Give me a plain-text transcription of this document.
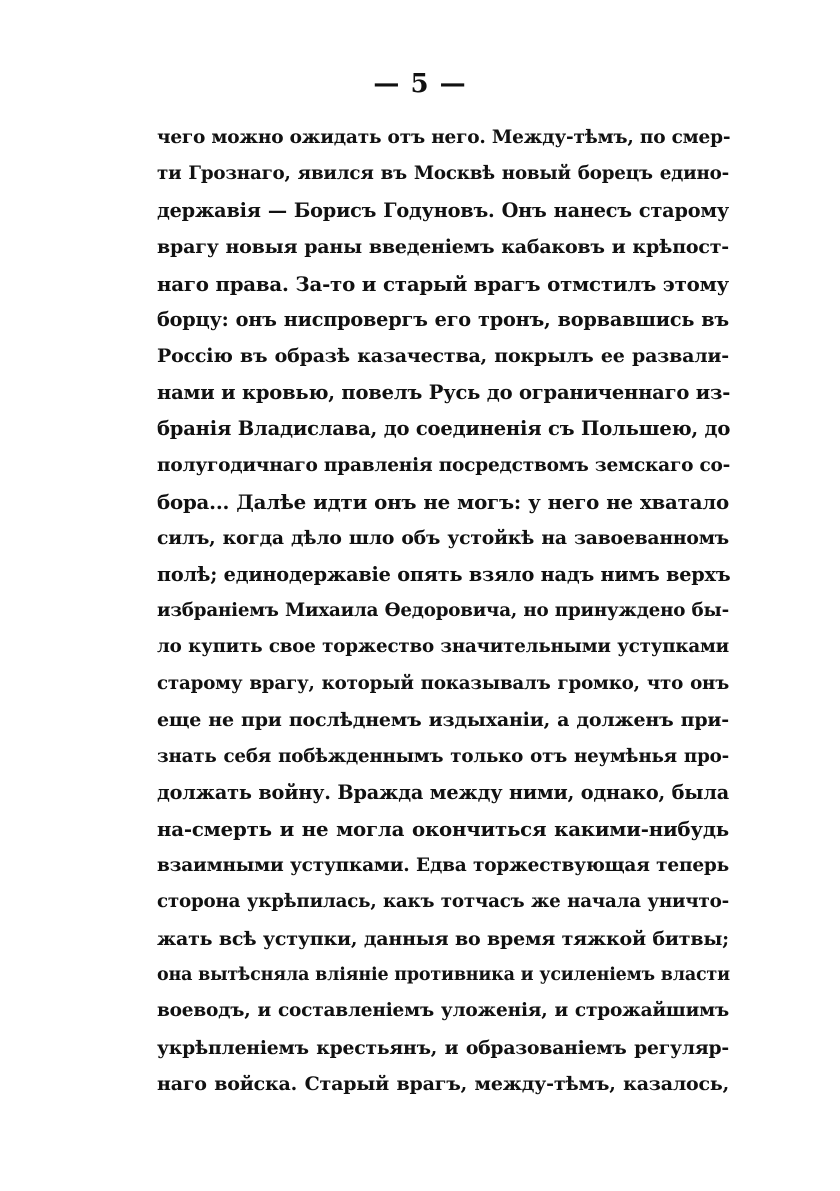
— 5 —
чего можно ожидать отъ него. Между-тѣмъ, по смер-
ти Грознаго, явился въ Москвѣ новый борецъ едино-
державія — Борисъ Годуновъ. Онъ нанесъ старому
врагу новыя раны введеніемъ кабаковъ и крѣпост-
наго права. За-то и старый врагъ отмстилъ этому
борцу: онъ ниспровергъ его тронъ, ворвавшись въ
Россію въ образѣ казачества, покрылъ ее развали-
нами и кровью, повелъ Русь до ограниченнаго из-
бранія Владислава, до соединенія съ Польшею, до
полугодичнаго правленія посредствомъ земскаго со-
бора... Далѣе идти онъ не могъ: у него не хватало
силъ, когда дѣло шло объ устойкѣ на завоеванномъ
полѣ; единодержавіе опять взяло надъ нимъ верхъ
избраніемъ Михаила Ѳедоровича, но принуждено бы-
ло купить свое торжество значительными уступками
старому врагу, который показывалъ громко, что онъ
еще не при послѣднемъ издыханіи, а долженъ при-
знать себя побѣжденнымъ только отъ неумѣнья про-
должать войну. Вражда между ними, однако, была
на-смерть и не могла окончиться какими-нибудь
взаимными уступками. Едва торжествующая теперь
сторона укрѣпилась, какъ тотчасъ же начала уничто-
жать всѣ уступки, данныя во время тяжкой битвы;
она вытѣсняла вліяніе противника и усиленіемъ власти
воеводъ, и составленіемъ уложенія, и строжайшимъ
укрѣпленіемъ крестьянъ, и образованіемъ регуляр-
наго войска. Старый врагъ, между-тѣмъ, казалось,
